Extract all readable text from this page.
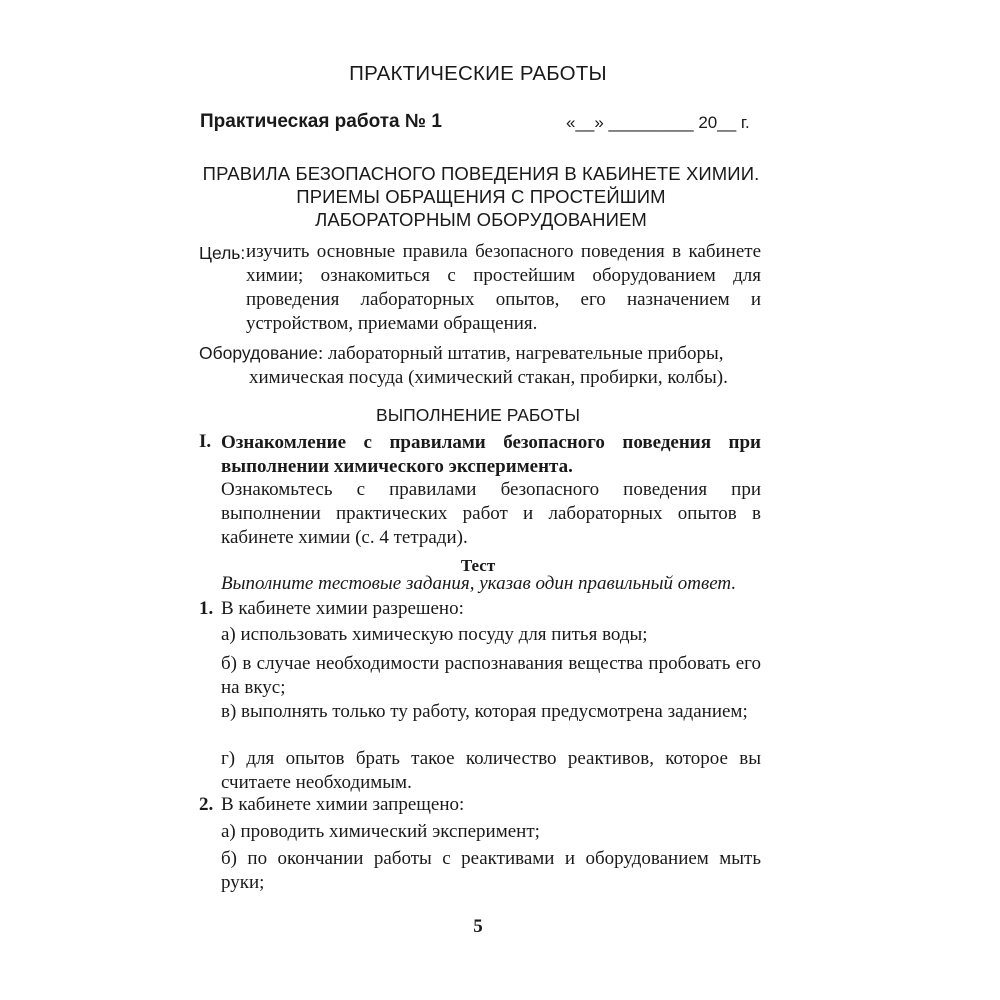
ПРАКТИЧЕСКИЕ РАБОТЫ
Практическая работа № 1	«__» _________ 20__ г.
ПРАВИЛА БЕЗОПАСНОГО ПОВЕДЕНИЯ В КАБИНЕТЕ ХИМИИ.
ПРИЕМЫ ОБРАЩЕНИЯ С ПРОСТЕЙШИМ
ЛАБОРАТОРНЫМ ОБОРУДОВАНИЕМ
Цель: изучить основные правила безопасного поведения в кабинете химии; ознакомиться с простейшим оборудованием для проведения лабораторных опытов, его назначением и устройством, приемами обращения.
Оборудование: лабораторный штатив, нагревательные приборы,
химическая посуда (химический стакан, пробирки, колбы).
ВЫПОЛНЕНИЕ РАБОТЫ
I. Ознакомление с правилами безопасного поведения при выполнении химического эксперимента.
Ознакомьтесь с правилами безопасного поведения при выполнении практических работ и лабораторных опытов в кабинете химии (с. 4 тетради).
Тест
Выполните тестовые задания, указав один правильный ответ.
1. В кабинете химии разрешено:
а) использовать химическую посуду для питья воды;
б) в случае необходимости распознавания вещества пробовать его на вкус;
в) выполнять только ту работу, которая предусмотрена заданием;
г) для опытов брать такое количество реактивов, которое вы считаете необходимым.
2. В кабинете химии запрещено:
а) проводить химический эксперимент;
б) по окончании работы с реактивами и оборудованием мыть руки;
5
